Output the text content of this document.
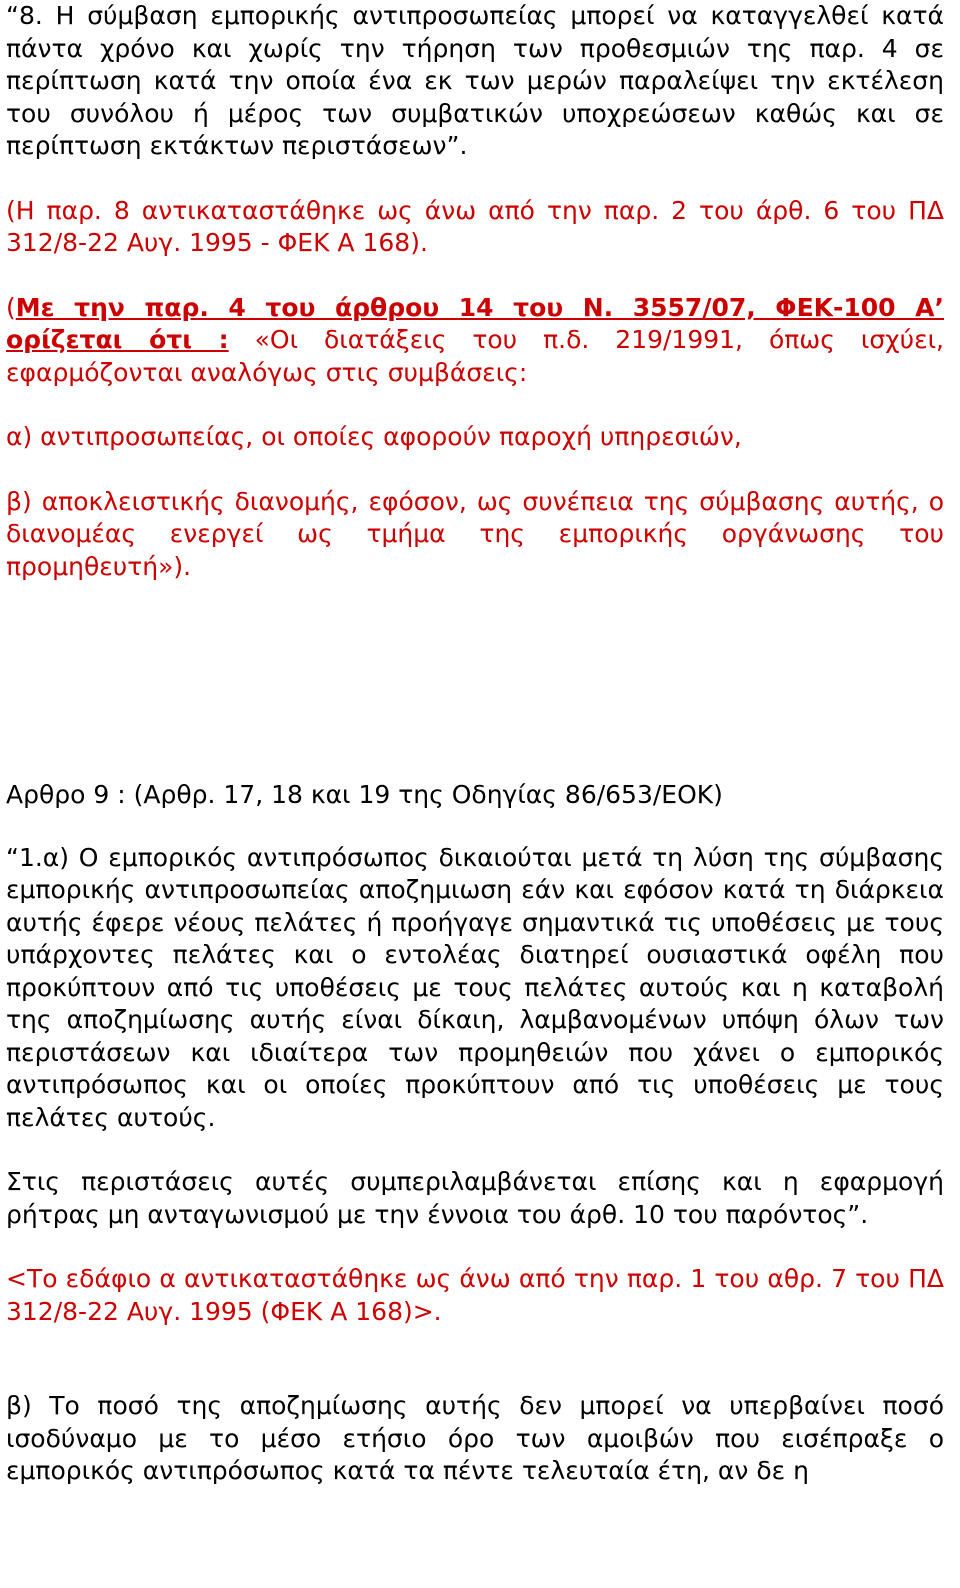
“8. Η σύμβαση εμπορικής αντιπροσωπείας μπορεί να καταγγελθεί κατά πάντα χρόνο και χωρίς την τήρηση των προθεσμιών της παρ. 4 σε περίπτωση κατά την οποία ένα εκ των μερών παραλείψει την εκτέλεση του συνόλου ή μέρος των συμβατικών υποχρεώσεων καθώς και σε περίπτωση εκτάκτων περιστάσεων”.

(Η παρ. 8 αντικαταστάθηκε ως άνω από την παρ. 2 του άρθ. 6 του ΠΔ 312/8-22 Αυγ. 1995 - ΦΕΚ Α 168).

(Με την παρ. 4 του άρθρου 14 του Ν. 3557/07, ΦΕΚ-100 Α’ ορίζεται ότι : «Οι διατάξεις του π.δ. 219/1991, όπως ισχύει, εφαρμόζονται αναλόγως στις συμβάσεις:

α) αντιπροσωπείας, οι οποίες αφορούν παροχή υπηρεσιών,

β) αποκλειστικής διανομής, εφόσον, ως συνέπεια της σύμβασης αυτής, ο διανομέας ενεργεί ως τμήμα της εμπορικής οργάνωσης του προμηθευτή»).

Αρθρο 9 : (Αρθρ. 17, 18 και 19 της Οδηγίας 86/653/ΕΟΚ)

“1.α) Ο εμπορικός αντιπρόσωπος δικαιούται μετά τη λύση της σύμβασης εμπορικής αντιπροσωπείας αποζημιωση εάν και εφόσον κατά τη διάρκεια αυτής έφερε νέους πελάτες ή προήγαγε σημαντικά τις υποθέσεις με τους υπάρχοντες πελάτες και ο εντολέας διατηρεί ουσιαστικά οφέλη που προκύπτουν από τις υποθέσεις με τους πελάτες αυτούς και η καταβολή της αποζημίωσης αυτής είναι δίκαιη, λαμβανομένων υπόψη όλων των περιστάσεων και ιδιαίτερα των προμηθειών που χάνει ο εμπορικός αντιπρόσωπος και οι οποίες προκύπτουν από τις υποθέσεις με τους πελάτες αυτούς.

Στις περιστάσεις αυτές συμπεριλαμβάνεται επίσης και η εφαρμογή ρήτρας μη ανταγωνισμού με την έννοια του άρθ. 10 του παρόντος”.

<Το εδάφιο α αντικαταστάθηκε ως άνω από την παρ. 1 του αθρ. 7 του ΠΔ 312/8-22 Αυγ. 1995 (ΦΕΚ Α 168)>.

β) Το ποσό της αποζημίωσης αυτής δεν μπορεί να υπερβαίνει ποσό ισοδύναμο με το μέσο ετήσιο όρο των αμοιβών που εισέπραξε ο εμπορικός αντιπρόσωπος κατά τα πέντε τελευταία έτη, αν δε η
